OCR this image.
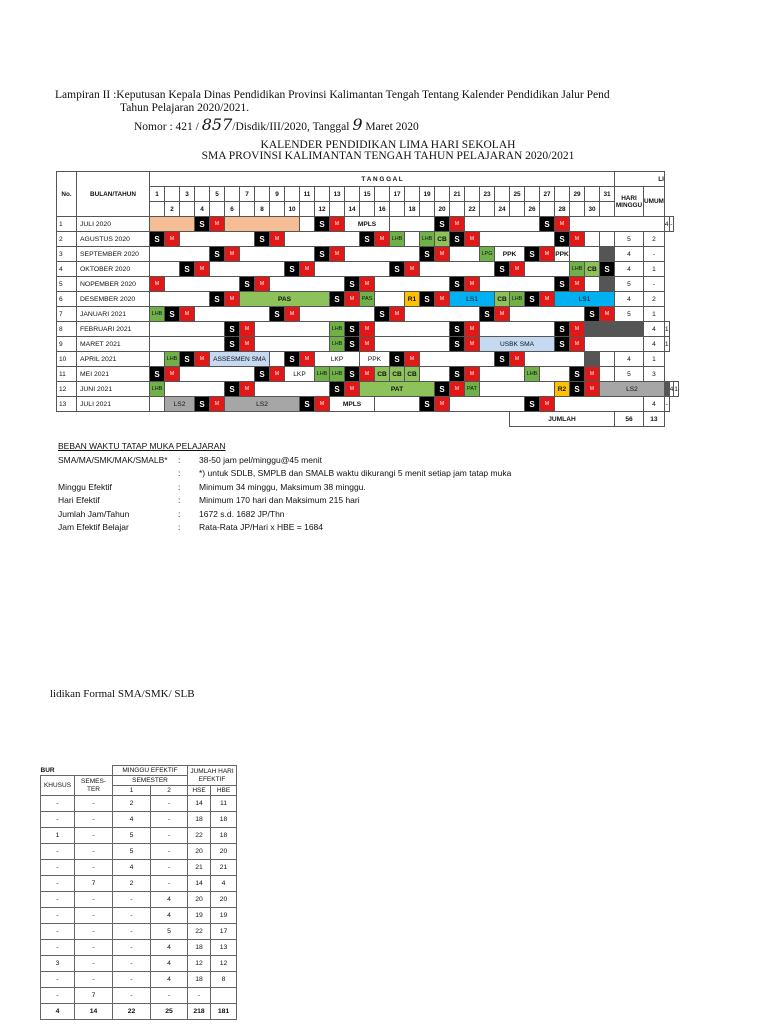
Lampiran II :Keputusan Kepala Dinas Pendidikan Provinsi Kalimantan Tengah Tentang Kalender Pendidikan Jalur Pend
Tahun Pelajaran 2020/2021.
Nomor : 421 / 857/Disdik/III/2020, Tanggal 9 Maret 2020
KALENDER PENDIDIKAN LIMA HARI SEKOLAH
SMA PROVINSI KALIMANTAN TENGAH TAHUN PELAJARAN 2020/2021
No.	BULAN/TAHUN	T A N G G A L																															LI				
		1		3		5		7		9		11		13		15		17		19		21		23		25		27		29		31	HARI MINGGU	UMUM			
			2		4		6		8		10		12		14		16		18		20		22		24		26		28		30						
1	JULI 2020				S	M							S	M	MPLS						S	M						S	M						4	-	
2	AGUSTUS 2020	S	M						S	M						S	M	LHB		LHB	CB	S	M						S	M			5	2			
3	SEPTEMBER 2020					S	M						S	M						S	M			LPG	PPK		S	M	PPK				4	-			
4	OKTOBER 2020			S	M						S	M						S	M						S	M				LHB	CB	S	4	1			
5	NOPEMBER 2020	M						S	M						S	M						S	M						S	M			5	-			
6	DESEMBER 2020					S	M	PAS						S	M	PAS			R1	S	M	LS1			CB	LHB	S	M	LS1				4	2			
7	JANUARI 2021	LHB	S	M						S	M						S	M						S	M						S	M	5	1			
8	FEBRUARI 2021						S	M						LHB	S	M						S	M						S	M				4	1		
9	MARET 2021						S	M						LHB	S	M						S	M	USBK SMA					S	M				4	1		
10	APRIL 2021		LHB	S	M	ASSESMEN SMA					S	M	LKP			PPK		S	M						S	M							4	1			
11	MEI 2021	S	M						S	M	LKP		LHB	LHB	S	M	CB	CB	CB			S	M				LHB			S	M		5	3			
12	JUNI 2021	LHB					S	M						S	M	PAT					S	M	PAT						R2	S	M	LS2				4	1
13	JULI 2021		LS2		S	M	LS2					S	M	MPLS						S	M						S	M						4	-		
																										JUMLAH							56	13			
BEBAN WAKTU TATAP MUKA PELAJARAN
SMA/MA/SMK/MAK/SMALB* : 38-50 jam pel/minggu@45 menit
: *) untuk SDLB, SMPLB dan SMALB waktu dikurangi 5 menit setiap jam tatap muka
Minggu Efektif	: Minimum 34 minggu, Maksimum 38 minggu.
Hari Efektif	: Minimum 170 hari dan Maksimum 215 hari
Jumlah Jam/Tahun	: 1672 s.d. 1682 JP/Thn
Jam Efektif Belajar	: Rata-Rata JP/Hari x HBE = 1684
lidikan Formal SMA/SMK/ SLB
BUR		MINGGU EFEKTIF		JUMLAH HARI EFEKTIF	
KHUSUS	SEMES-TER	SEMESTER			
		1	2	HSE	HBE
-	-	2	-	14	11
-	-	4	-	18	18
1	-	5	-	22	18
-	-	5	-	20	20
-	-	4	-	21	21
-	7	2	-	14	4
-	-	-	4	20	20
-	-	-	4	19	19
-	-	-	5	22	17
-	-	-	4	18	13
3	-	-	4	12	12
-	-	-	4	18	8
-	7	-	-	-	
4	14	22	25	218	181
